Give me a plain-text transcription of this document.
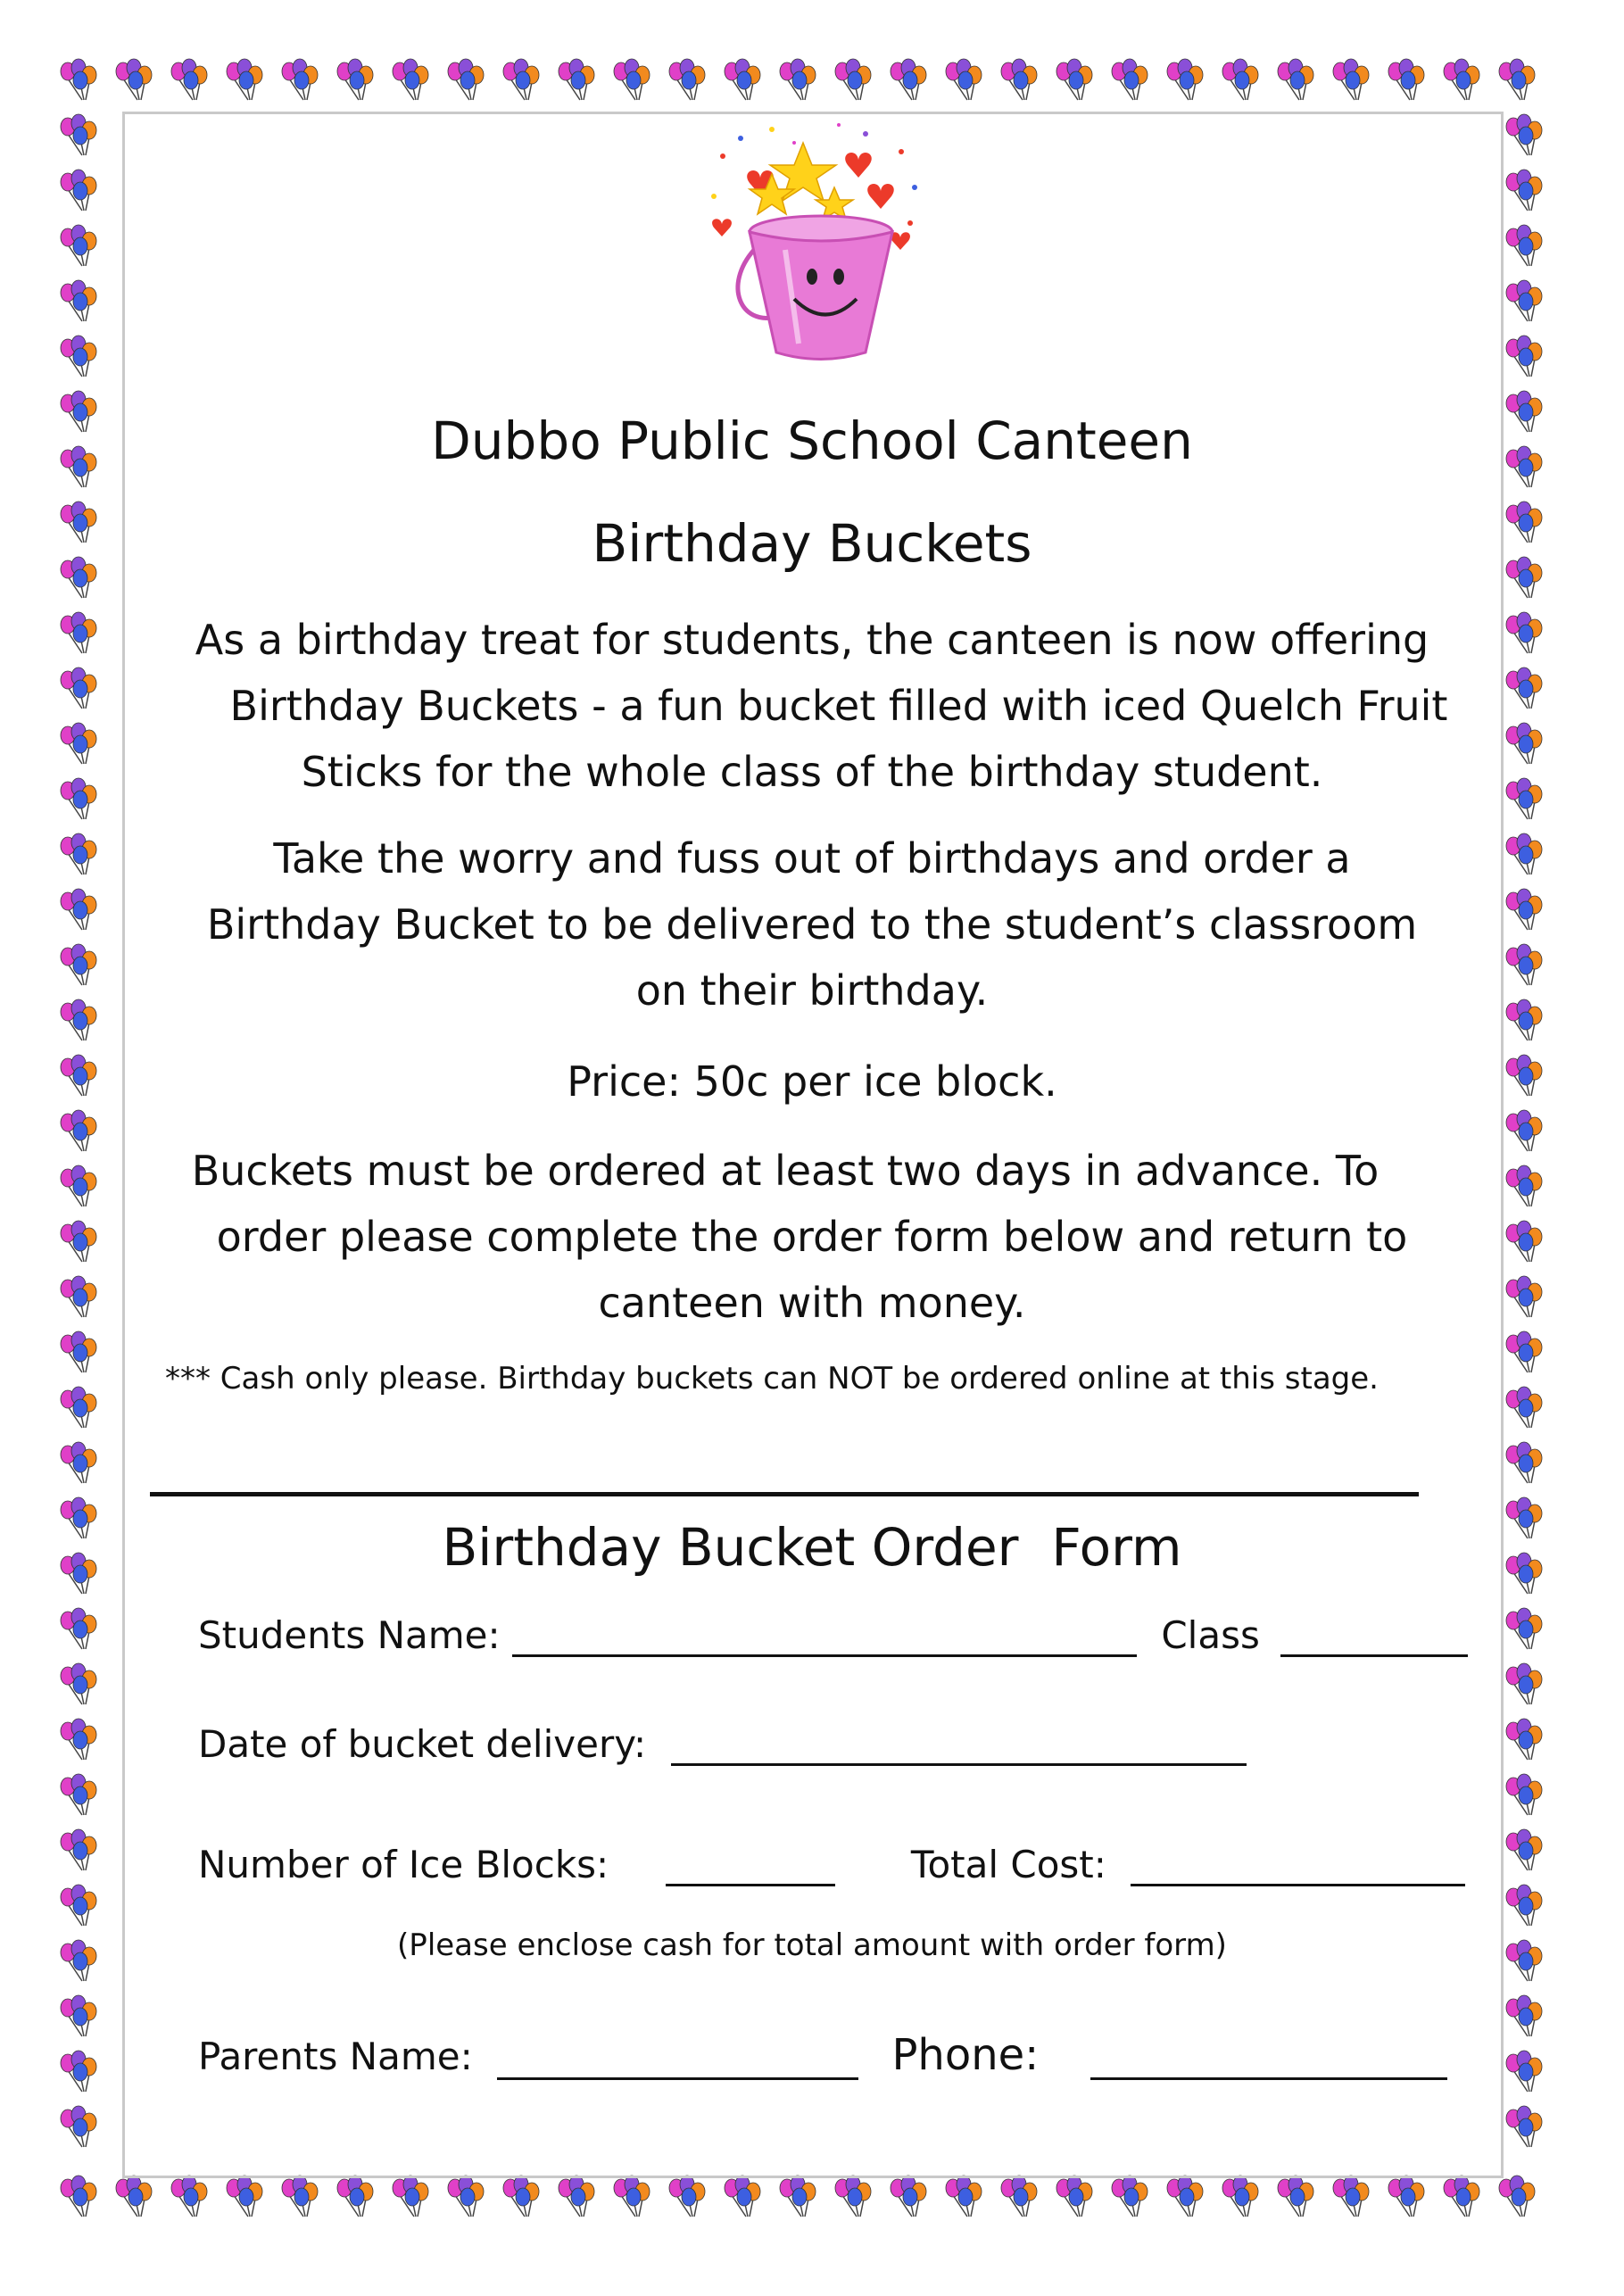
Dubbo Public School Canteen
Birthday Buckets

As a birthday treat for students, the canteen is now offering

Birthday Buckets - a fun bucket filled with iced Quelch Fruit

Sticks for the whole class of the birthday student.

Take the worry and fuss out of birthdays and order a

Birthday Bucket to be delivered to the student’s classroom

on their birthday.

Price: 50c per ice block.

Buckets must be ordered at least two days in advance. To

order please complete the order form below and return to

canteen with money.

*** Cash only please. Birthday buckets can NOT be ordered online at this stage.
Birthday Bucket Order  Form
Students Name:	Class
Date of bucket delivery:
Number of Ice Blocks:	Total Cost:
(Please enclose cash for total amount with order form)
Parents Name:	Phone:
